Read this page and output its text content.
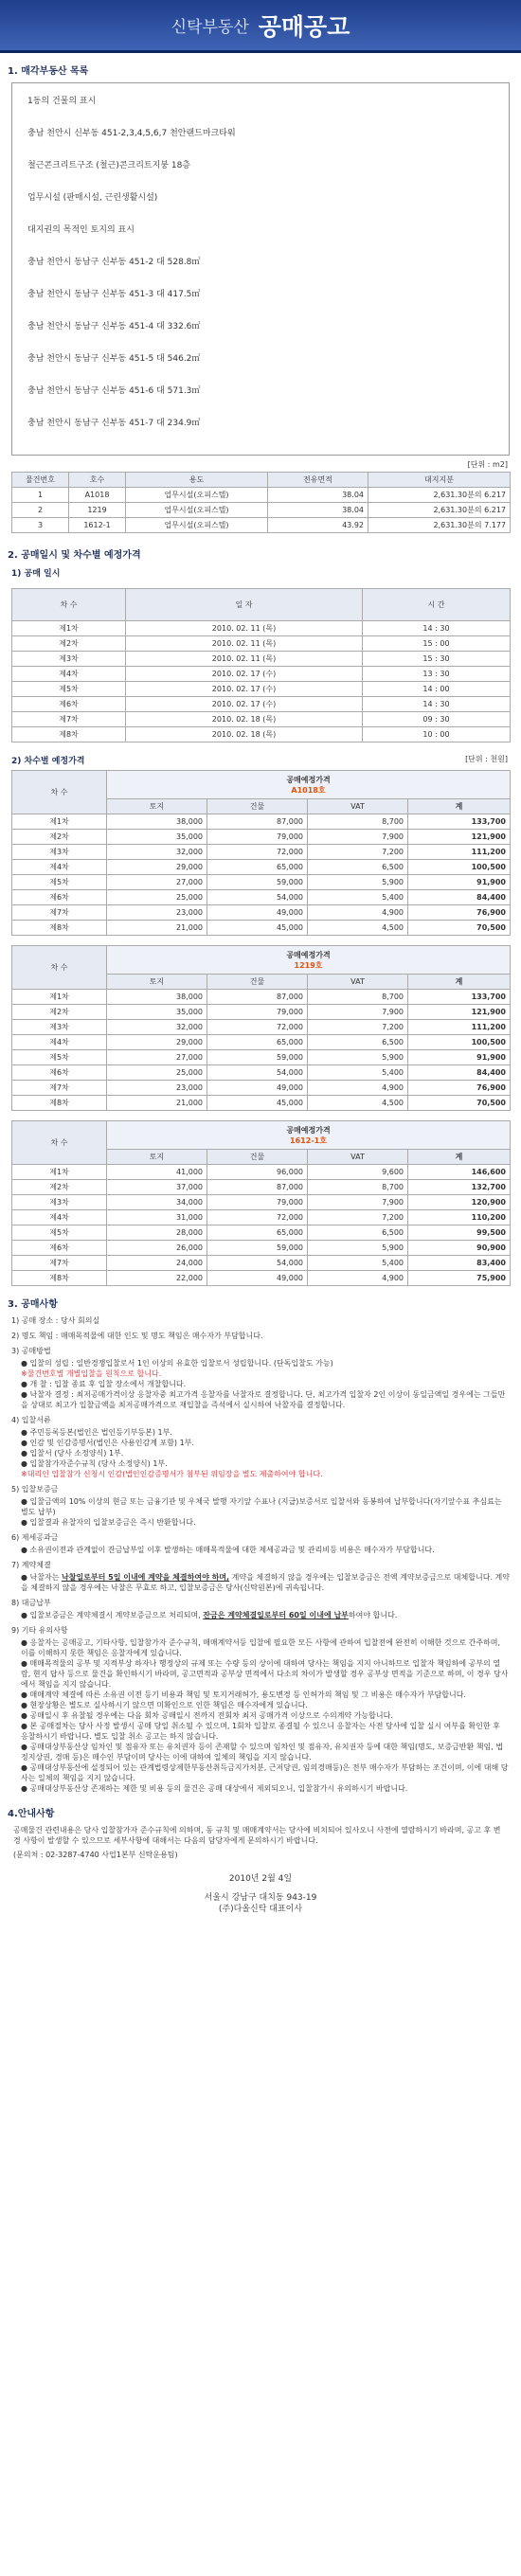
신탁부동산 공매공고
1. 매각부동산 목록

1동의 건물의 표시

충남 천안시 신부동 451-2,3,4,5,6,7 천안랜드마크타워

철근콘크리트구조 (철근)콘크리트지붕 18층

업무시설 (판매시설, 근린생활시설)

대지권의 목적인 토지의 표시

충남 천안시 동남구 신부동 451-2 대 528.8㎡

충남 천안시 동남구 신부동 451-3 대 417.5㎡

충남 천안시 동남구 신부동 451-4 대 332.6㎡

충남 천안시 동남구 신부동 451-5 대 546.2㎡

충남 천안시 동남구 신부동 451-6 대 571.3㎡

충남 천안시 동남구 신부동 451-7 대 234.9㎡

[단위 : m2]
물건번호	호수	용도	전유면적	대지지분
1	A1018	업무시설(오피스텔)	38.04	2,631.30분의 6.217
2	1219	업무시설(오피스텔)	38.04	2,631.30분의 6.217
3	1612-1	업무시설(오피스텔)	43.92	2,631.30분의 7.177
2. 공매일시 및 차수별 예정가격
1) 공매 일시
차 수	일 자	시 간
제1차	2010. 02. 11 (목)	14 : 30
제2차	2010. 02. 11 (목)	15 : 00
제3차	2010. 02. 11 (목)	15 : 30
제4차	2010. 02. 17 (수)	13 : 30
제5차	2010. 02. 17 (수)	14 : 00
제6차	2010. 02. 17 (수)	14 : 30
제7차	2010. 02. 18 (목)	09 : 30
제8차	2010. 02. 18 (목)	10 : 00
2) 차수별 예정가격	[단위 : 천원]
차 수	공매예정가격
A1018호			

	토지	건물	VAT	계
제1차	38,000	87,000	8,700	133,700
제2차	35,000	79,000	7,900	121,900
제3차	32,000	72,000	7,200	111,200
제4차	29,000	65,000	6,500	100,500
제5차	27,000	59,000	5,900	91,900
제6차	25,000	54,000	5,400	84,400
제7차	23,000	49,000	4,900	76,900
제8차	21,000	45,000	4,500	70,500
차 수	공매예정가격
1219호			

	토지	건물	VAT	계
제1차	38,000	87,000	8,700	133,700
제2차	35,000	79,000	7,900	121,900
제3차	32,000	72,000	7,200	111,200
제4차	29,000	65,000	6,500	100,500
제5차	27,000	59,000	5,900	91,900
제6차	25,000	54,000	5,400	84,400
제7차	23,000	49,000	4,900	76,900
제8차	21,000	45,000	4,500	70,500
차 수	공매예정가격
1612-1호			

	토지	건물	VAT	계
제1차	41,000	96,000	9,600	146,600
제2차	37,000	87,000	8,700	132,700
제3차	34,000	79,000	7,900	120,900
제4차	31,000	72,000	7,200	110,200
제5차	28,000	65,000	6,500	99,500
제6차	26,000	59,000	5,900	90,900
제7차	24,000	54,000	5,400	83,400
제8차	22,000	49,000	4,900	75,900
3. 공매사항
1) 공매 장소 : 당사 회의실
2) 명도 책임 : 매매목적물에 대한 인도 및 명도 책임은 매수자가 부담합니다.
3) 공매방법
● 입찰의 성립 : 일반경쟁입찰로서 1인 이상의 유효한 입찰로서 성립합니다. (단독입찰도 가능)
※물건번호별 개별입찰을 원칙으로 합니다.
● 개 찰 : 입찰 종료 후 입찰 장소에서 개찰합니다.
● 낙찰자 결정 : 최저공매가격이상 응찰자중 최고가격 응찰자를 낙찰자로 결정합니다. 단, 최고가격 입찰자 2인 이상이 동일금액일 경우에는 그들만을 상대로 최고가 입찰금액을 최저공매가격으로 재입찰을 즉석에서 실시하여 낙찰자를 결정합니다.
4) 입찰서류
● 주민등록등본(법인은 법인등기부등본) 1부.
● 인감 및 인감증명서(법인은 사용인감계 포함) 1부.
● 입찰서 (당사 소정양식) 1부.
● 입찰참가자준수규칙 (당사 소정양식) 1부.
※대리인 입찰참가 신청시 인감(법인인감증명서가 첨부된 위임장을 별도 제출하여야 합니다.
5) 입찰보증금
● 입찰금액의 10% 이상의 현금 또는 금융기관 및 우체국 발행 자기앞 수표나 (지급)보증서로 입찰서와 동봉하여 납부합니다(자기앞수표 추심료는 별도 납부)
● 입찰결과 유찰자의 입찰보증금은 즉시 반환합니다.
6) 제세공과금
● 소유권이전과 관계없이 잔금납부일 이후 발생하는 매매목적물에 대한 제세공과금 및 관리비등 비용은 매수자가 부담합니다.
7) 계약체결
● 낙찰자는 낙찰일로부터 5일 이내에 계약을 체결하여야 하며, 계약을 체결하지 않을 경우에는 입찰보증금은 전액 계약보증금으로 대체합니다. 계약을 체결하지 않을 경우에는 낙찰은 무효로 하고, 입찰보증금은 당사(신탁원본)에 귀속됩니다.
8) 대금납부
● 입찰보증금은 계약체결시 계약보증금으로 처리되며, 잔금은 계약체결일로부터 60일 이내에 납부하여야 합니다.
9) 기타 유의사항
● 응찰자는 공매공고, 기타사항, 입찰참가자 준수규칙, 매매계약서등 입찰에 필요한 모든 사항에 관하여 입찰전에 완전히 이해한 것으로 간주하며, 이를 이해하지 못한 책임은 응찰자에게 있습니다.
● 매매목적물의 공부 및 지적부상 하자나 행정상의 규제 또는 수량 등의 상이에 대하여 당사는 책임을 지지 아니하므로 입찰자 책임하에 공부의 열람, 현지 답사 등으로 물건을 확인하시기 바라며, 공고면적과 공부상 면적에서 다소의 차이가 발생할 경우 공부상 면적을 기준으로 하며, 이 경우 당사에서 책임을 지지 않습니다.
● 매매계약 체결에 따른 소유권 이전 등기 비용과 책임 및 토지거래허가, 용도변경 등 인허가의 책임 및 그 비용은 매수자가 부담합니다.
● 현장상황은 별도로 실사하시기 않으면 미확인으로 인한 책임은 매수자에게 있습니다.
● 공매일시 후 유찰될 경우에는 다음 회차 공매일시 전까지 전회차 최저 공매가격 이상으로 수의계약 가능합니다.
● 본 공매절차는 당사 사정 발생시 공매 당일 취소될 수 있으며, 1회차 입찰로 종결될 수 있으니 응찰자는 사전 당사에 입찰 실시 여부를 확인한 후 응찰하시기 바랍니다. 별도 입찰 취소 공고는 하지 않습니다.
● 공매대상부동산상 임차인 및 점유자 또는 유치권자 등이 존재할 수 있으며 임차인 및 점유자, 유치권자 등에 대한 책임(명도, 보증금반환 책임, 법정지상권, 경매 등)은 매수인 부담이며 당사는 이에 대하여 일체의 책임을 지지 않습니다.
● 공매대상부동산에 설정되어 있는 관계법령상제한부동산취득금지가처분, 근저당권, 임의경매등)은 전부 매수자가 부담하는 조건이며, 이에 대해 당사는 일체의 책임을 지지 않습니다.
● 공매대상부동산상 존재하는 제한 및 비용 등의 물건은 공매 대상에서 제외되오니, 입찰참가시 유의하시기 바랍니다.
4.안내사항
공매물건 관련내용은 당사 입찰참가자 준수규칙에 의하며, 동 규칙 및 매매계약서는 당사에 비치되어 있사오니 사전에 열람하시기 바라며, 공고 후 변경 사항이 발생할 수 있으므로 세부사항에 대해서는 다음의 담당자에게 문의하시기 바랍니다.
(문의처 : 02-3287-4740 사업1본부 신탁운용팀)
2010년 2월 4일
서울시 강남구 대치동 943-19
(주)다올신탁 대표이사
